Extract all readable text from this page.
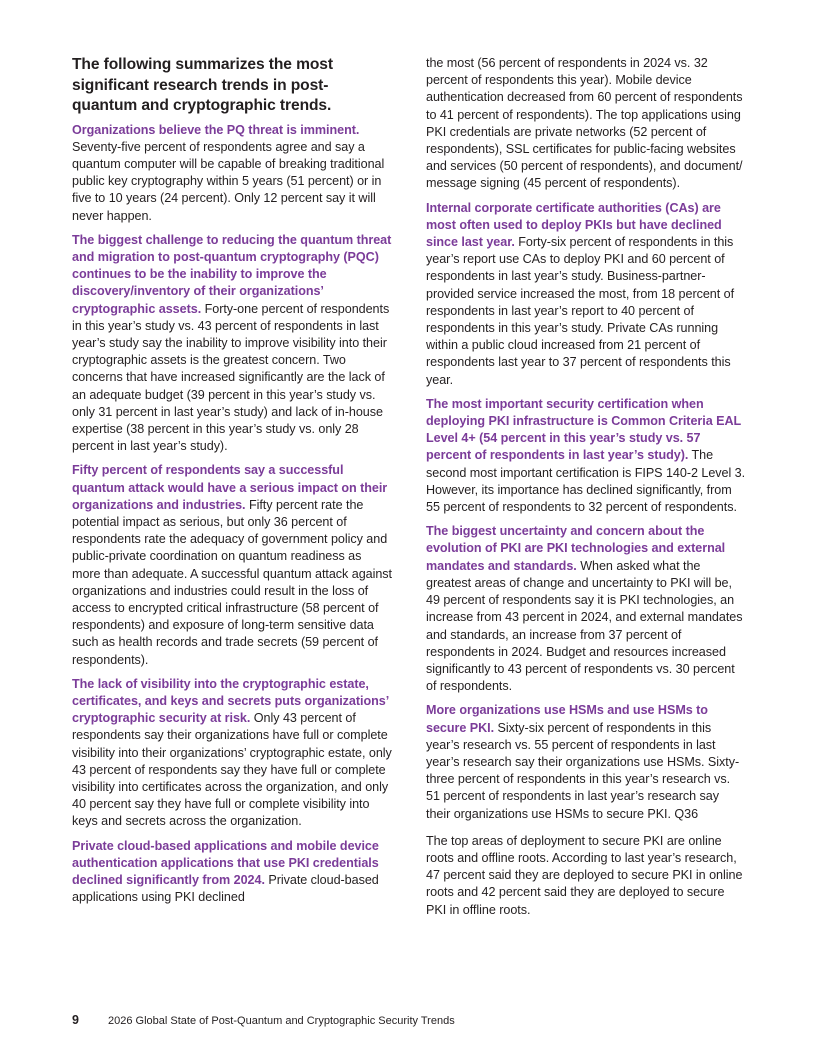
The following summarizes the most significant research trends in post-quantum and cryptographic trends.

Organizations believe the PQ threat is imminent. Seventy-five percent of respondents agree and say a quantum computer will be capable of breaking traditional public key cryptography within 5 years (51 percent) or in five to 10 years (24 percent). Only 12 percent say it will never happen.

The biggest challenge to reducing the quantum threat and migration to post-quantum cryptography (PQC) continues to be the inability to improve the discovery/inventory of their organizations’ cryptographic assets. Forty-one percent of respondents in this year’s study vs. 43 percent of respondents in last year’s study say the inability to improve visibility into their cryptographic assets is the greatest concern. Two concerns that have increased significantly are the lack of an adequate budget (39 percent in this year’s study vs. only 31 percent in last year’s study) and lack of in-house expertise (38 percent in this year’s study vs. only 28 percent in last year’s study).

Fifty percent of respondents say a successful quantum attack would have a serious impact on their organizations and industries. Fifty percent rate the potential impact as serious, but only 36 percent of respondents rate the adequacy of government policy and public-private coordination on quantum readiness as more than adequate. A successful quantum attack against organizations and industries could result in the loss of access to encrypted critical infrastructure (58 percent of respondents) and exposure of long-term sensitive data such as health records and trade secrets (59 percent of respondents).

The lack of visibility into the cryptographic estate, certificates, and keys and secrets puts organizations’ cryptographic security at risk. Only 43 percent of respondents say their organizations have full or complete visibility into their organizations’ cryptographic estate, only 43 percent of respondents say they have full or complete visibility into certificates across the organization, and only 40 percent say they have full or complete visibility into keys and secrets across the organization.

Private cloud-based applications and mobile device authentication applications that use PKI credentials declined significantly from 2024. Private cloud-based applications using PKI declined

the most (56 percent of respondents in 2024 vs. 32 percent of respondents this year). Mobile device authentication decreased from 60 percent of respondents to 41 percent of respondents). The top applications using PKI credentials are private networks (52 percent of respondents), SSL certificates for public-facing websites and services (50 percent of respondents), and document/ message signing (45 percent of respondents).

Internal corporate certificate authorities (CAs) are most often used to deploy PKIs but have declined since last year. Forty-six percent of respondents in this year’s report use CAs to deploy PKI and 60 percent of respondents in last year’s study. Business-partner-provided service increased the most, from 18 percent of respondents in last year’s report to 40 percent of respondents in this year’s study. Private CAs running within a public cloud increased from 21 percent of respondents last year to 37 percent of respondents this year.

The most important security certification when deploying PKI infrastructure is Common Criteria EAL Level 4+ (54 percent in this year’s study vs. 57 percent of respondents in last year’s study). The second most important certification is FIPS 140-2 Level 3. However, its importance has declined significantly, from 55 percent of respondents to 32 percent of respondents.

The biggest uncertainty and concern about the evolution of PKI are PKI technologies and external mandates and standards. When asked what the greatest areas of change and uncertainty to PKI will be, 49 percent of respondents say it is PKI technologies, an increase from 43 percent in 2024, and external mandates and standards, an increase from 37 percent of respondents in 2024. Budget and resources increased significantly to 43 percent of respondents vs. 30 percent of respondents.

More organizations use HSMs and use HSMs to secure PKI. Sixty-six percent of respondents in this year’s research vs. 55 percent of respondents in last year’s research say their organizations use HSMs. Sixty-three percent of respondents in this year’s research vs. 51 percent of respondents in last year’s research say their organizations use HSMs to secure PKI. Q36

The top areas of deployment to secure PKI are online roots and offline roots. According to last year’s research, 47 percent said they are deployed to secure PKI in online roots and 42 percent said they are deployed to secure PKI in offline roots.

9	2026 Global State of Post-Quantum and Cryptographic Security Trends
